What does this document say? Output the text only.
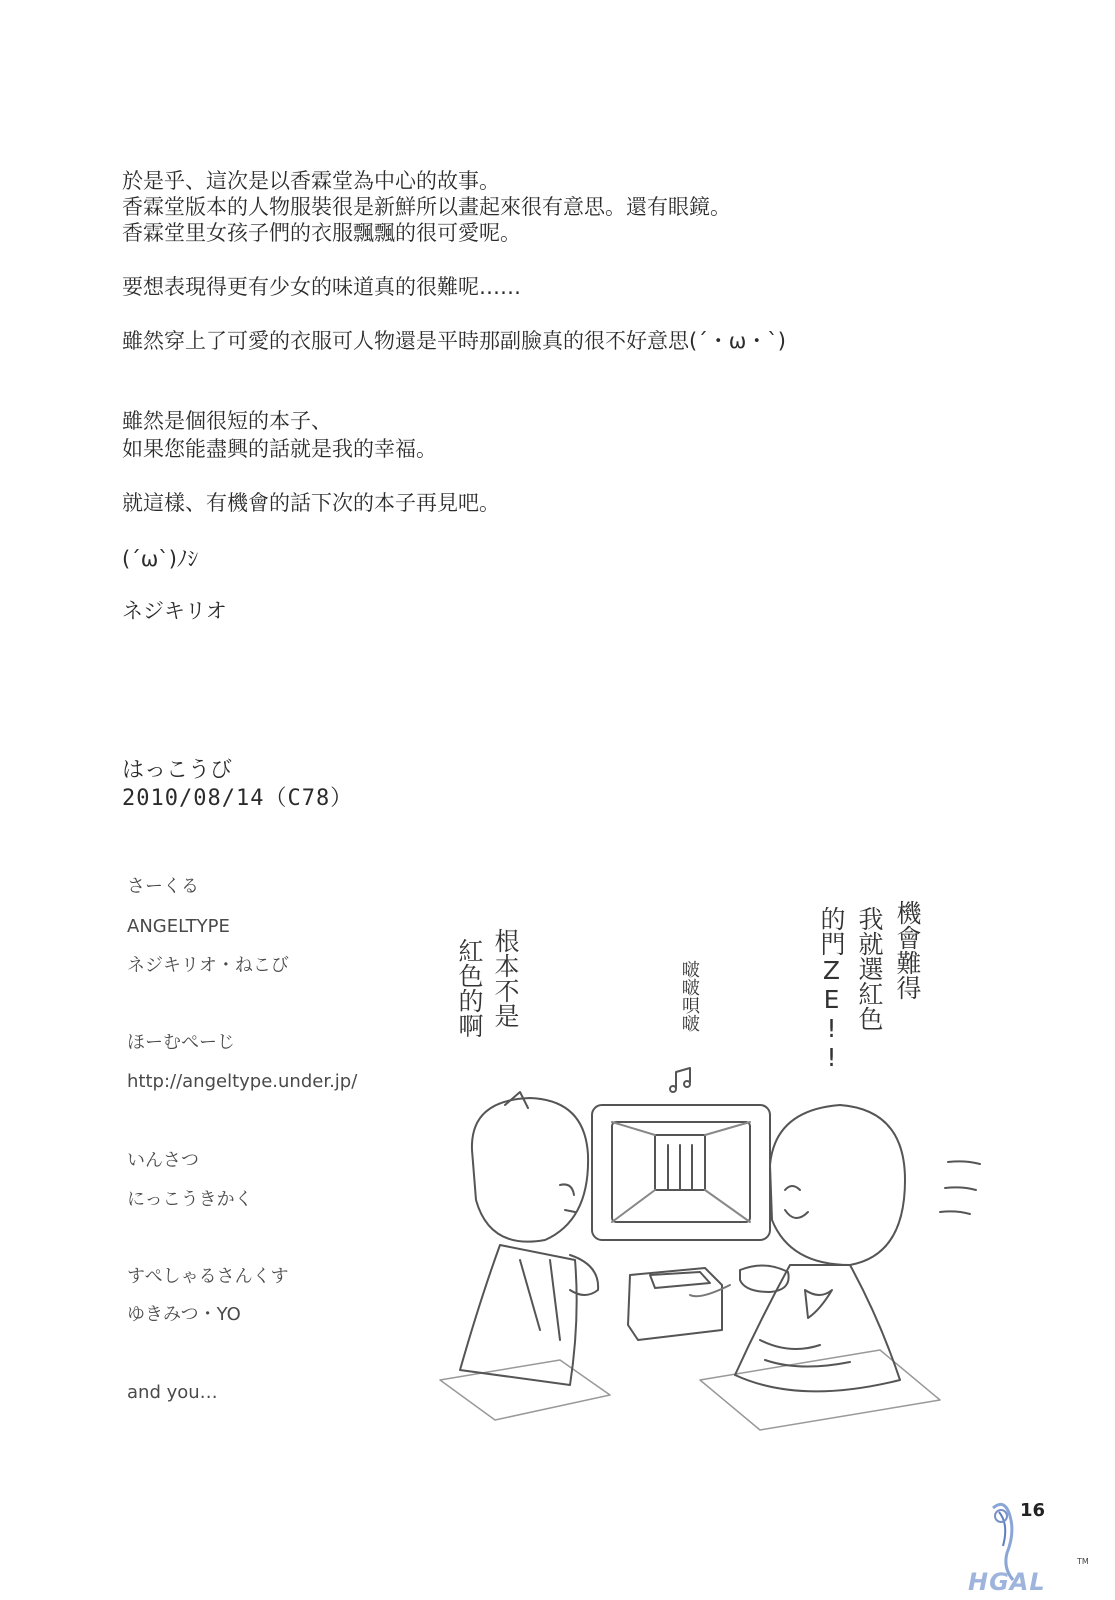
於是乎、這次是以香霖堂為中心的故事。
香霖堂版本的人物服裝很是新鮮所以畫起來很有意思。還有眼鏡。
香霖堂里女孩子們的衣服飄飄的很可愛呢。
要想表現得更有少女的味道真的很難呢……
雖然穿上了可愛的衣服可人物還是平時那副臉真的很不好意思(´・ω・`)
雖然是個很短的本子、
如果您能盡興的話就是我的幸福。
就這樣、有機會的話下次的本子再見吧。
(´ω`)ﾉｼ
ネジキリオ
はっこうび
2010/08/14（C78）
さーくる
ANGELTYPE
ネジキリオ・ねこび
ほーむぺーじ
http://angeltype.under.jp/
いんさつ
にっこうきかく
すぺしゃるさんくす
ゆきみつ・YO
and you…
根本不是
紅色的啊	啵啵唄啵	機會難得
我就選紅色
的門ZE!!
16
HGAL
TM
